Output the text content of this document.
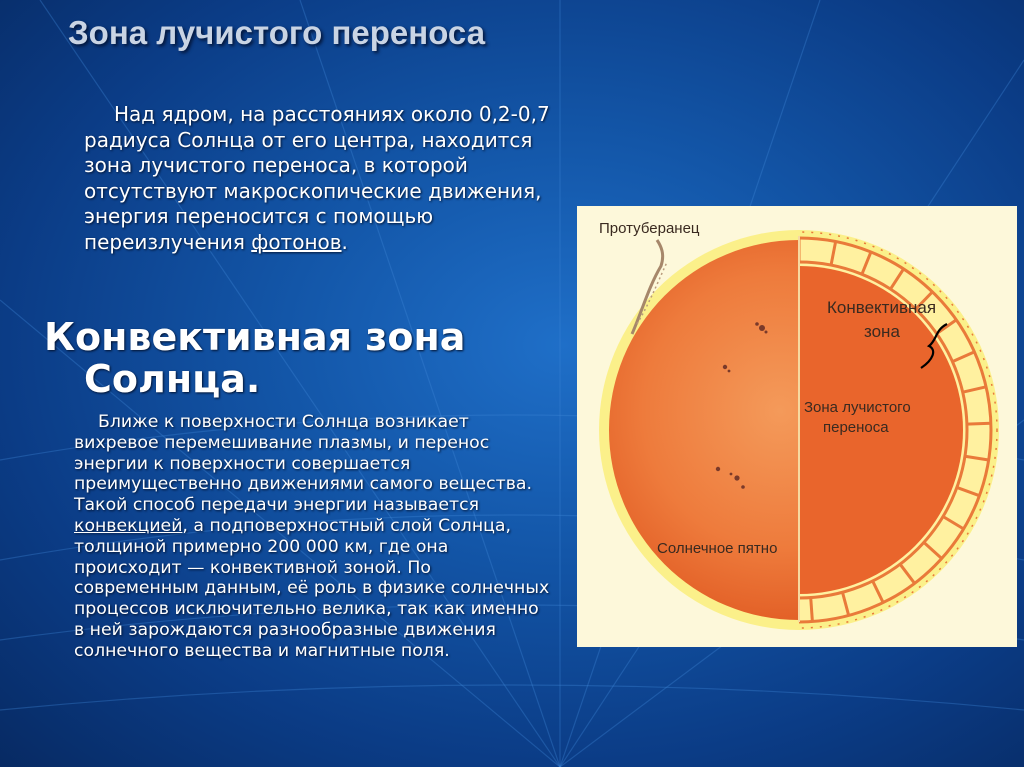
Зона лучистого переноса

Над ядром, на расстояниях около 0,2-0,7 радиуса Солнца от его центра, находится зона лучистого переноса, в которой отсутствуют макроскопические движения, энергия переносится с помощью переизлучения фотонов.

Конвективная зона
Солнца.

Ближе к поверхности Солнца возникает вихревое перемешивание плазмы, и перенос энергии к поверхности совершается преимущественно движениями самого вещества. Такой способ передачи энергии называется конвекцией, а подповерхностный слой Солнца, толщиной примерно 200 000 км, где она происходит — конвективной зоной. По современным данным, её роль в физике солнечных процессов исключительно велика, так как именно в ней зарождаются разнообразные движения солнечного вещества и магнитные поля.

Протуберанец
Конвективная
зона
Зона лучистого
переноса
Солнечное пятно
